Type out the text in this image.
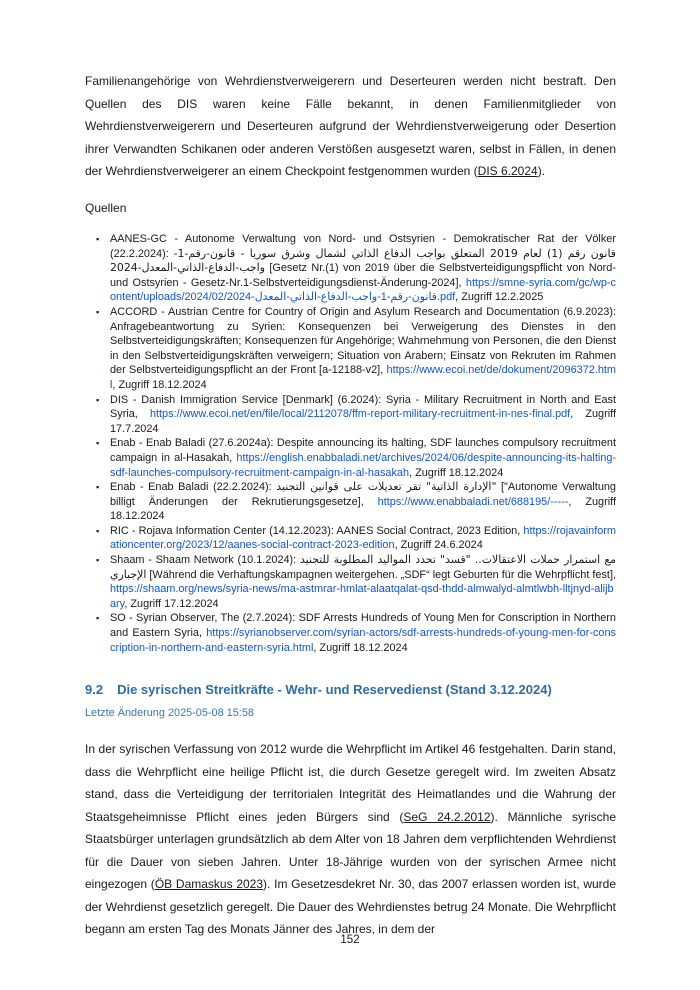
Familienangehörige von Wehrdienstverweigerern und Deserteuren werden nicht bestraft. Den Quellen des DIS waren keine Fälle bekannt, in denen Familienmitglieder von Wehrdienstverweigerern und Deserteuren aufgrund der Wehrdienstverweigerung oder Desertion ihrer Verwandten Schikanen oder anderen Verstößen ausgesetzt waren, selbst in Fällen, in denen der Wehrdienstverweigerer an einem Checkpoint festgenommen wurden (DIS 6.2024).

Quellen

▪ AANES-GC - Autonome Verwaltung von Nord- und Ostsyrien - Demokratischer Rat der Völker (22.2.2024): قانون رقم (1) لعام 2019 المتعلق بواجب الدفاع الذاتي لشمال وشرق سوريا - قانون-رقم-1-واجب-الدفاع-الذاتي-المعدل-2024 [Gesetz Nr.(1) von 2019 über die Selbstverteidigungspflicht von Nord- und Ostsyrien - Gesetz-Nr.1-Selbstverteidigungsdienst-Änderung-2024], https://smne-syria.com/gc/wp-content/uploads/2024/02/قانون-رقم-1-واجب-الدفاع-الذاتي-المعدل-2024.pdf, Zugriff 12.2.2025
▪ ACCORD - Austrian Centre for Country of Origin and Asylum Research and Documentation (6.9.2023): Anfragebeantwortung zu Syrien: Konsequenzen bei Verweigerung des Dienstes in den Selbstverteidigungskräften; Konsequenzen für Angehörige; Wahrnehmung von Personen, die den Dienst in den Selbstverteidigungskräften verweigern; Situation von Arabern; Einsatz von Rekruten im Rahmen der Selbstverteidigungspflicht an der Front [a-12188-v2], https://www.ecoi.net/de/dokument/2096372.html, Zugriff 18.12.2024
▪ DIS - Danish Immigration Service [Denmark] (6.2024): Syria - Military Recruitment in North and East Syria, https://www.ecoi.net/en/file/local/2112078/ffm-report-military-recruitment-in-nes-final.pdf, Zugriff 17.7.2024
▪ Enab - Enab Baladi (27.6.2024a): Despite announcing its halting, SDF launches compulsory recruitment campaign in al-Hasakah, https://english.enabbaladi.net/archives/2024/06/despite-announcing-its-halting-sdf-launches-compulsory-recruitment-campaign-in-al-hasakah, Zugriff 18.12.2024
▪ Enab - Enab Baladi (22.2.2024): "الإدارة الذاتية" تقر تعديلات على قوانين التجنيد ["Autonome Verwaltung billigt Änderungen der Rekrutierungsgesetze], https://www.enabbaladi.net/688195/-----, Zugriff 18.12.2024
▪ RIC - Rojava Information Center (14.12.2023): AANES Social Contract, 2023 Edition, https://rojavainformationcenter.org/2023/12/aanes-social-contract-2023-edition, Zugriff 24.6.2024
▪ Shaam - Shaam Network (10.1.2024): مع استمرار حملات الاعتقالات.. "قسد" تحدد المواليد المطلوبة للتجنيد الإجباري [Während die Verhaftungskampagnen weitergehen. „SDF“ legt Geburten für die Wehrpflicht fest], https://shaam.org/news/syria-news/ma-astmrar-hmlat-alaatqalat-qsd-thdd-almwalyd-almtlwbh-lltjnyd-alijbary, Zugriff 17.12.2024
▪ SO - Syrian Observer, The (2.7.2024): SDF Arrests Hundreds of Young Men for Conscription in Northern and Eastern Syria, https://syrianobserver.com/syrian-actors/sdf-arrests-hundreds-of-young-men-for-conscription-in-northern-and-eastern-syria.html, Zugriff 18.12.2024
9.2 Die syrischen Streitkräfte - Wehr- und Reservedienst (Stand 3.12.2024)

Letzte Änderung 2025-05-08 15:58

In der syrischen Verfassung von 2012 wurde die Wehrpflicht im Artikel 46 festgehalten. Darin stand, dass die Wehrpflicht eine heilige Pflicht ist, die durch Gesetze geregelt wird. Im zweiten Absatz stand, dass die Verteidigung der territorialen Integrität des Heimatlandes und die Wahrung der Staatsgeheimnisse Pflicht eines jeden Bürgers sind (SeG 24.2.2012). Männliche syrische Staatsbürger unterlagen grundsätzlich ab dem Alter von 18 Jahren dem verpflichtenden Wehrdienst für die Dauer von sieben Jahren. Unter 18-Jährige wurden von der syrischen Armee nicht eingezogen (ÖB Damaskus 2023). Im Gesetzesdekret Nr. 30, das 2007 erlassen worden ist, wurde der Wehrdienst gesetzlich geregelt. Die Dauer des Wehrdienstes betrug 24 Monate. Die Wehrpflicht begann am ersten Tag des Monats Jänner des Jahres, in dem der

152
